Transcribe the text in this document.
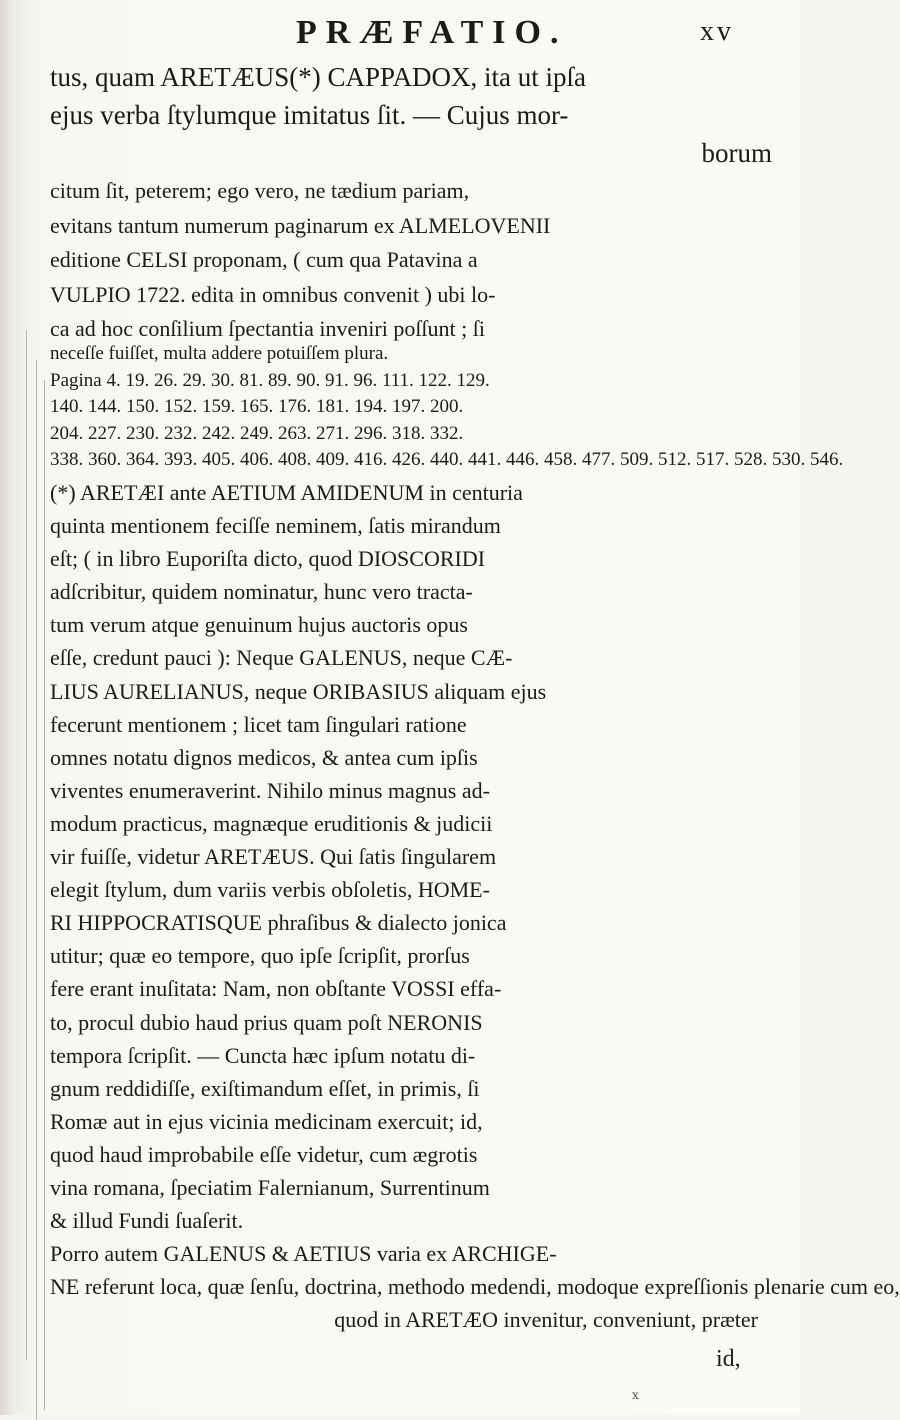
PRÆFATIO.	xv
tus, quam ARETÆUS(*) CAPPADOX, ita ut ipſa
ejus verba ſtylumque imitatus ſit. — Cujus mor-
borum
citum ſit, peterem; ego vero, ne tædium pariam,
evitans tantum numerum paginarum ex ALMELOVENII
editione CELSI proponam, ( cum qua Patavina a
VULPIO 1722. edita in omnibus convenit ) ubi lo-
ca ad hoc conſilium ſpectantia inveniri poſſunt ; ſi
neceſſe fuiſſet, multa addere potuiſſem plura.
Pagina 4. 19. 26. 29. 30. 81. 89. 90. 91. 96. 111. 122. 129.
140. 144. 150. 152. 159. 165. 176. 181. 194. 197. 200.
204. 227. 230. 232. 242. 249. 263. 271. 296. 318. 332.
338. 360. 364. 393. 405. 406. 408. 409. 416. 426. 440. 441. 446. 458. 477. 509. 512. 517. 528. 530. 546.
(*) ARETÆI ante AETIUM AMIDENUM in centuria
quinta mentionem feciſſe neminem, ſatis mirandum
eſt; ( in libro Euporiſta dicto, quod DIOSCORIDI
adſcribitur, quidem nominatur, hunc vero tracta-
tum verum atque genuinum hujus auctoris opus
eſſe, credunt pauci ): Neque GALENUS, neque CÆ-
LIUS AURELIANUS, neque ORIBASIUS aliquam ejus
fecerunt mentionem ; licet tam ſingulari ratione
omnes notatu dignos medicos, & antea cum ipſis
viventes enumeraverint. Nihilo minus magnus ad-
modum practicus, magnæque eruditionis & judicii
vir fuiſſe, videtur ARETÆUS. Qui ſatis ſingularem
elegit ſtylum, dum variis verbis obſoletis, HOME-
RI HIPPOCRATISQUE phraſibus & dialecto jonica
utitur; quæ eo tempore, quo ipſe ſcripſit, prorſus
fere erant inuſitata: Nam, non obſtante VOSSI effa-
to, procul dubio haud prius quam poſt NERONIS
tempora ſcripſit. — Cuncta hæc ipſum notatu di-
gnum reddidiſſe, exiſtimandum eſſet, in primis, ſi
Romæ aut in ejus vicinia medicinam exercuit; id,
quod haud improbabile eſſe videtur, cum ægrotis
vina romana, ſpeciatim Falernianum, Surrentinum
& illud Fundi ſuaſerit.
Porro autem GALENUS & AETIUS varia ex ARCHIGE-
NE referunt loca, quæ ſenſu, doctrina, methodo medendi, modoque expreſſionis plenarie cum eo,
quod in ARETÆO invenitur, conveniunt, præter
id,
x
